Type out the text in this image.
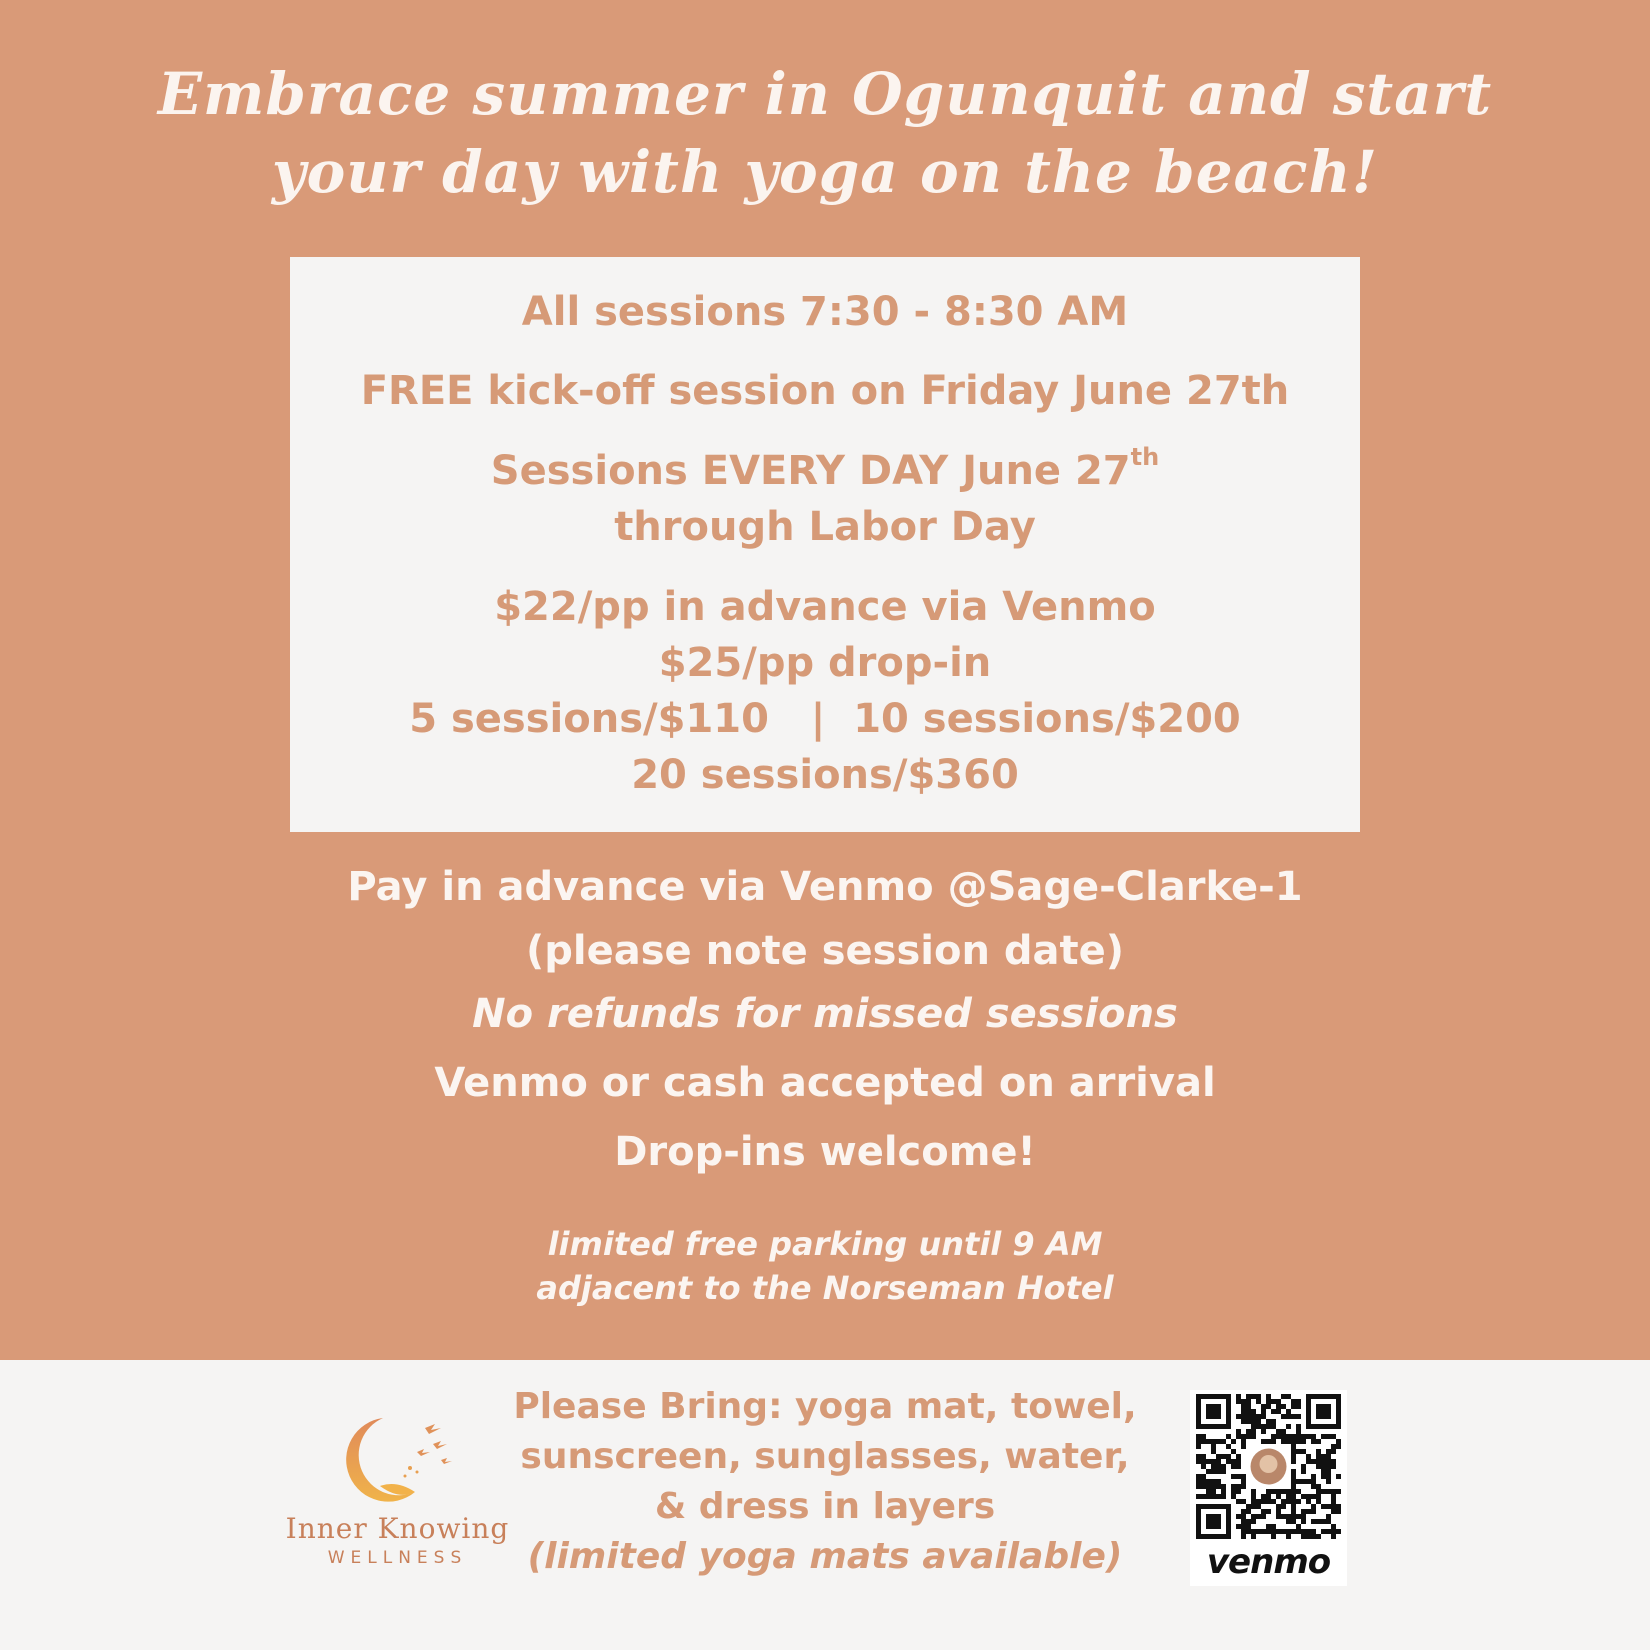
Embrace summer in Ogunquit and start
your day with yoga on the beach!

All sessions 7:30 - 8:30 AM

FREE kick-off session on Friday June 27th

Sessions EVERY DAY June 27th

through Labor Day

$22/pp in advance via Venmo

$25/pp drop-in

5 sessions/$110 | 10 sessions/$200

20 sessions/$360

Pay in advance via Venmo @Sage-Clarke-1

(please note session date)

No refunds for missed sessions

Venmo or cash accepted on arrival

Drop-ins welcome!

limited free parking until 9 AM

adjacent to the Norseman Hotel

Inner Knowing
WELLNESS

Please Bring: yoga mat, towel,

sunscreen, sunglasses, water,

& dress in layers

(limited yoga mats available)	venmo
